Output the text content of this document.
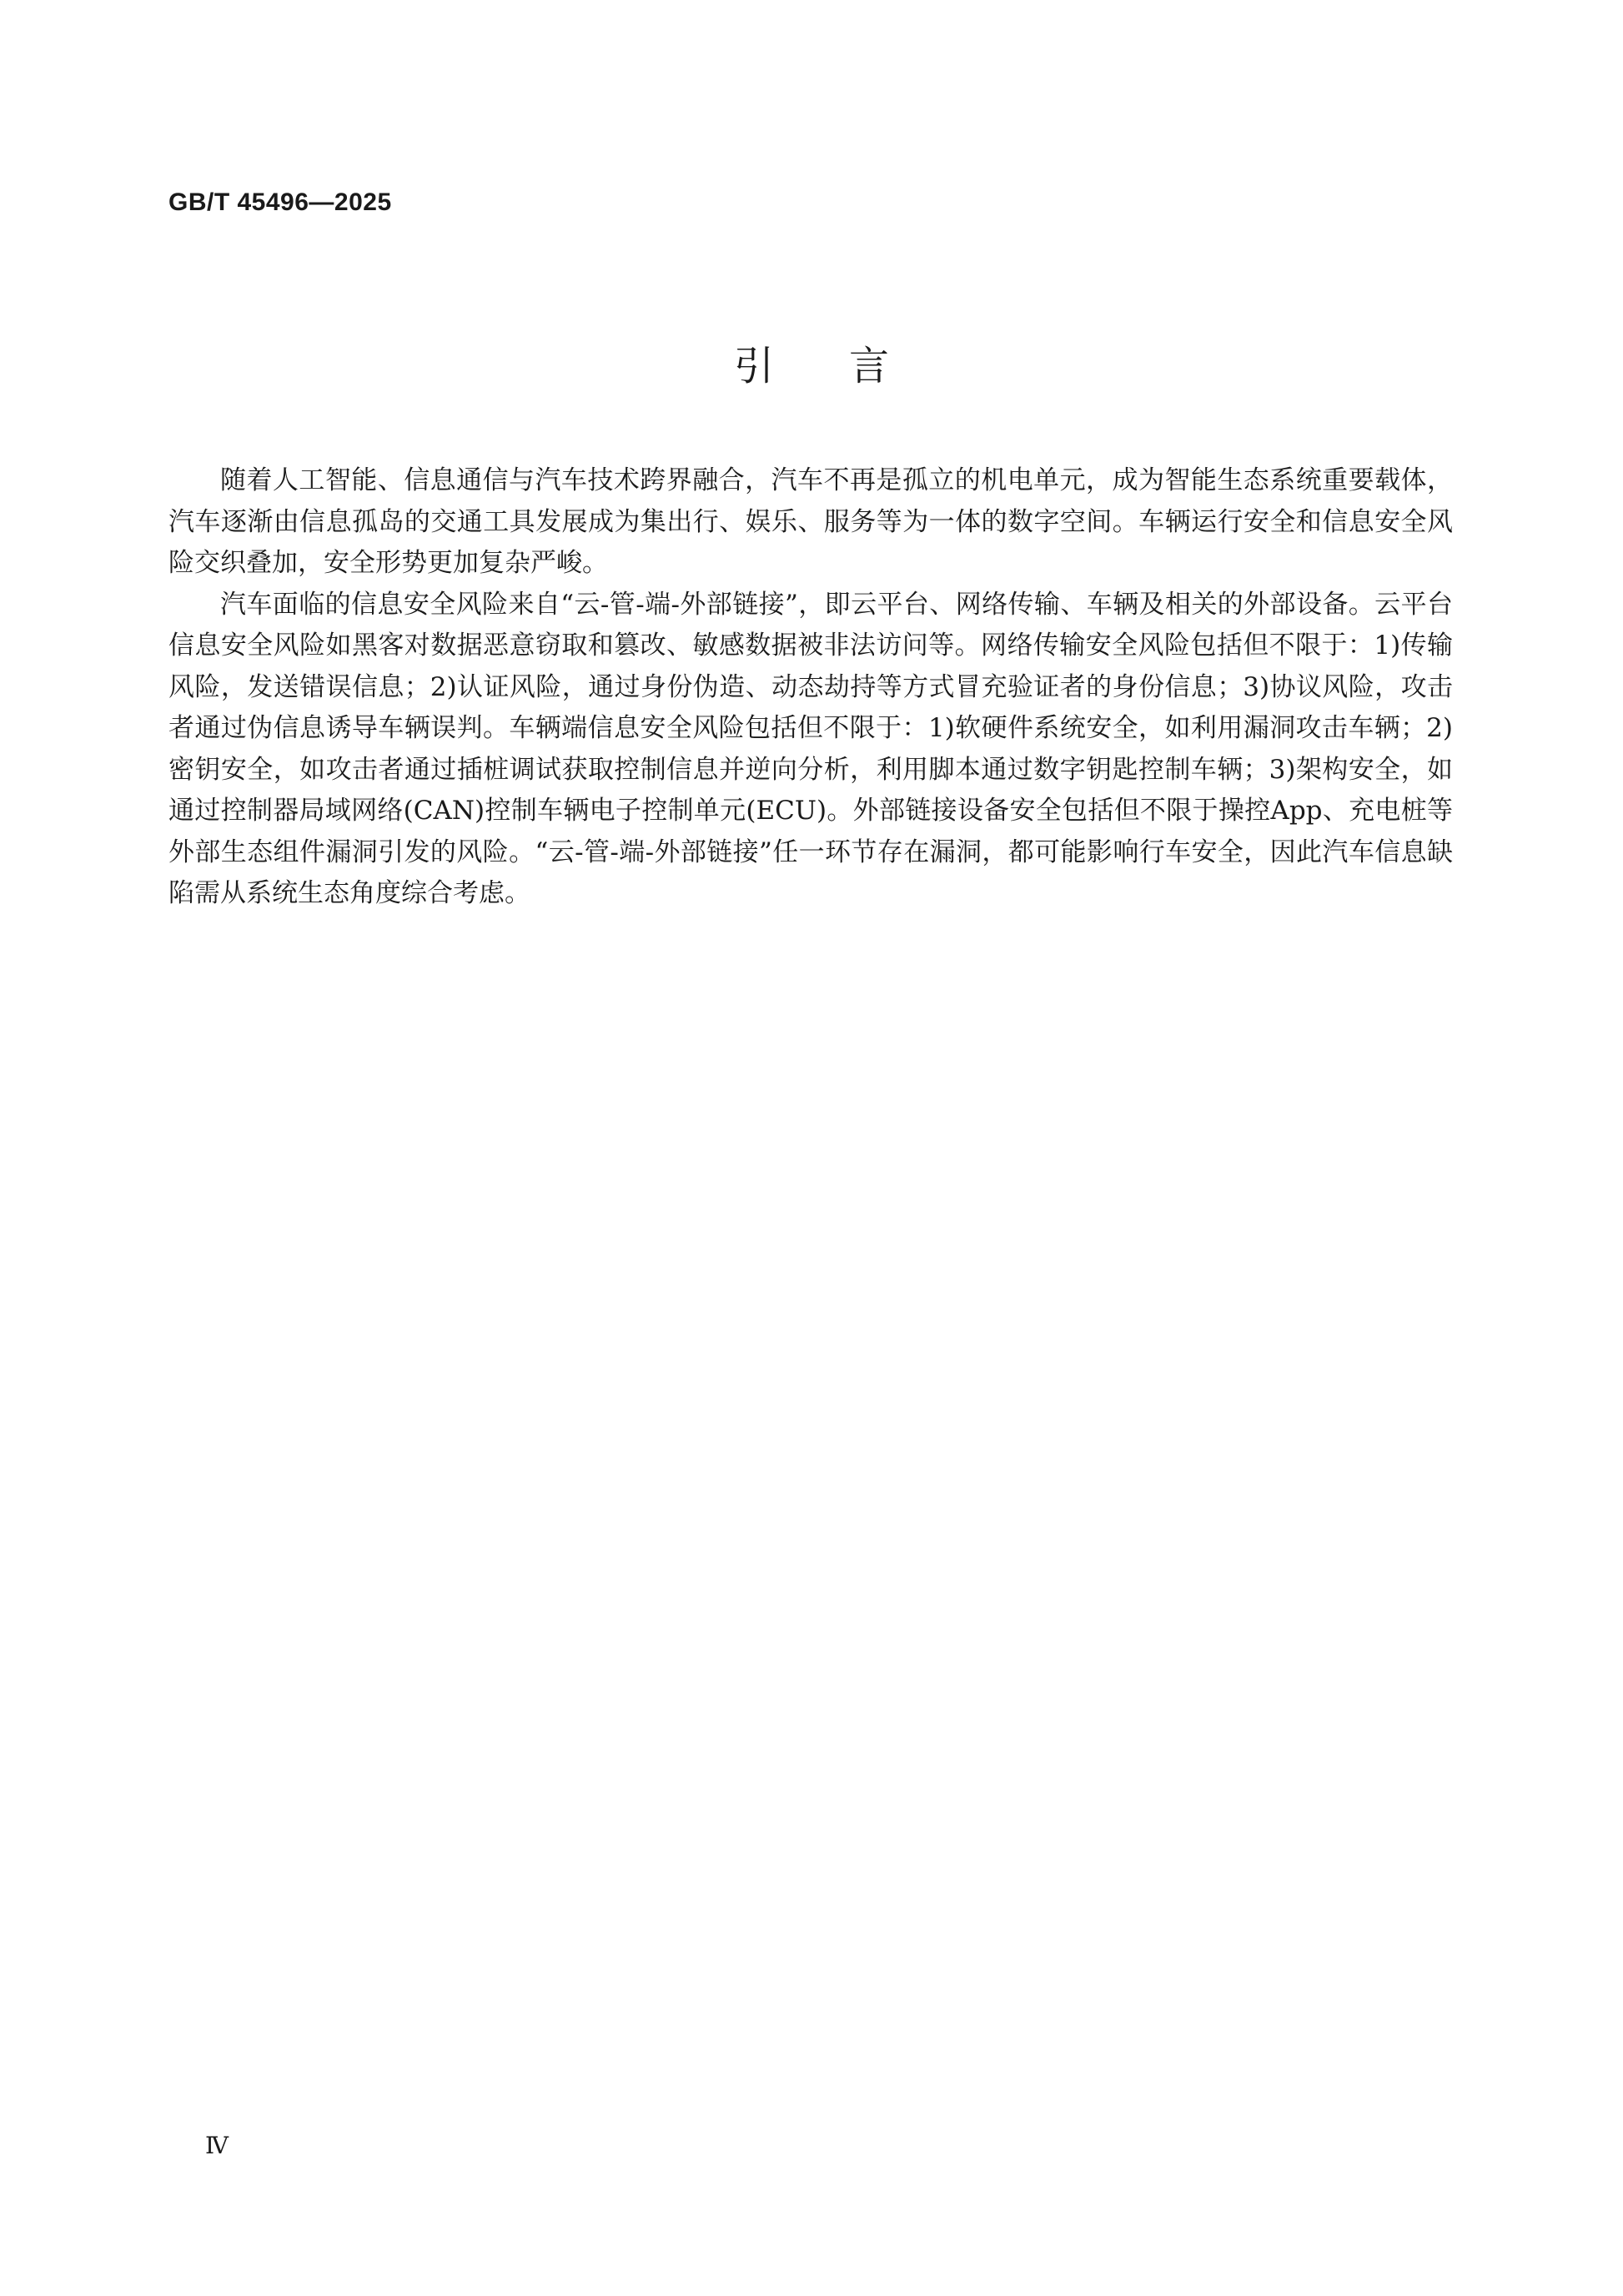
GB/T 45496—2025
引言

随着人工智能、信息通信与汽车技术跨界融合，汽车不再是孤立的机电单元，成为智能生态系统重要载体，汽车逐渐由信息孤岛的交通工具发展成为集出行、娱乐、服务等为一体的数字空间。车辆运行安全和信息安全风险交织叠加，安全形势更加复杂严峻。

汽车面临的信息安全风险来自“云-管-端-外部链接”，即云平台、网络传输、车辆及相关的外部设备。云平台信息安全风险如黑客对数据恶意窃取和篡改、敏感数据被非法访问等。网络传输安全风险包括但不限于：1)传输风险，发送错误信息；2)认证风险，通过身份伪造、动态劫持等方式冒充验证者的身份信息；3)协议风险，攻击者通过伪信息诱导车辆误判。车辆端信息安全风险包括但不限于：1)软硬件系统安全，如利用漏洞攻击车辆；2)密钥安全，如攻击者通过插桩调试获取控制信息并逆向分析，利用脚本通过数字钥匙控制车辆；3)架构安全，如通过控制器局域网络(CAN)控制车辆电子控制单元(ECU)。外部链接设备安全包括但不限于操控App、充电桩等外部生态组件漏洞引发的风险。“云-管-端-外部链接”任一环节存在漏洞，都可能影响行车安全，因此汽车信息缺陷需从系统生态角度综合考虑。

Ⅳ
